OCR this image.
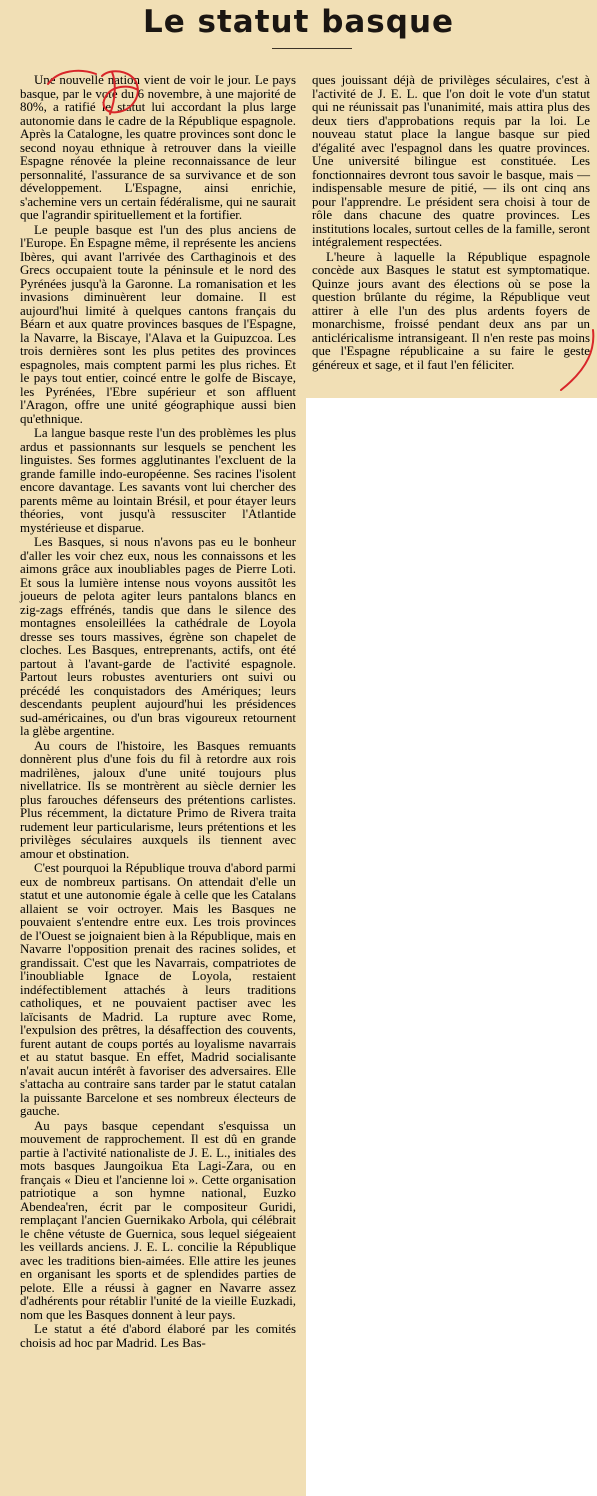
Le statut basque

Une nouvelle nation vient de voir le jour. Le pays basque, par le vote du 6 novembre, à une majorité de 80%, a ratifié le statut lui accordant la plus large autonomie dans le cadre de la République espagnole. Après la Catalogne, les quatre provinces sont donc le second noyau ethnique à retrouver dans la vieille Espagne rénovée la pleine reconnaissance de leur personnalité, l'assurance de sa survivance et de son développement. L'Espagne, ainsi enrichie, s'achemine vers un certain fédéralisme, qui ne saurait que l'agrandir spirituellement et la fortifier.

Le peuple basque est l'un des plus anciens de l'Europe. En Espagne même, il représente les anciens Ibères, qui avant l'arrivée des Carthaginois et des Grecs occupaient toute la péninsule et le nord des Pyrénées jusqu'à la Garonne. La romanisation et les invasions diminuèrent leur domaine. Il est aujourd'hui limité à quelques cantons français du Béarn et aux quatre provinces basques de l'Espagne, la Navarre, la Biscaye, l'Alava et la Guipuzcoa. Les trois dernières sont les plus petites des provinces espagnoles, mais comptent parmi les plus riches. Et le pays tout entier, coincé entre le golfe de Biscaye, les Pyrénées, l'Ebre supérieur et son affluent l'Aragon, offre une unité géographique aussi bien qu'ethnique.

La langue basque reste l'un des problèmes les plus ardus et passionnants sur lesquels se penchent les linguistes. Ses formes agglutinantes l'excluent de la grande famille indo-européenne. Ses racines l'isolent encore davantage. Les savants vont lui chercher des parents même au lointain Brésil, et pour étayer leurs théories, vont jusqu'à ressusciter l'Atlantide mystérieuse et disparue.

Les Basques, si nous n'avons pas eu le bonheur d'aller les voir chez eux, nous les connaissons et les aimons grâce aux inoubliables pages de Pierre Loti. Et sous la lumière intense nous voyons aussitôt les joueurs de pelota agiter leurs pantalons blancs en zig-zags effrénés, tandis que dans le silence des montagnes ensoleillées la cathédrale de Loyola dresse ses tours massives, égrène son chapelet de cloches. Les Basques, entreprenants, actifs, ont été partout à l'avant-garde de l'activité espagnole. Partout leurs robustes aventuriers ont suivi ou précédé les conquistadors des Amériques; leurs descendants peuplent aujourd'hui les présidences sud-américaines, ou d'un bras vigoureux retournent la glèbe argentine.

Au cours de l'histoire, les Basques remuants donnèrent plus d'une fois du fil à retordre aux rois madrilènes, jaloux d'une unité toujours plus nivellatrice. Ils se montrèrent au siècle dernier les plus farouches défenseurs des prétentions carlistes. Plus récemment, la dictature Primo de Rivera traita rudement leur particularisme, leurs prétentions et les privilèges séculaires auxquels ils tiennent avec amour et obstination.

C'est pourquoi la République trouva d'abord parmi eux de nombreux partisans. On attendait d'elle un statut et une autonomie égale à celle que les Catalans allaient se voir octroyer. Mais les Basques ne pouvaient s'entendre entre eux. Les trois provinces de l'Ouest se joignaient bien à la République, mais en Navarre l'opposition prenait des racines solides, et grandissait. C'est que les Navarrais, compatriotes de l'inoubliable Ignace de Loyola, restaient indéfectiblement attachés à leurs traditions catholiques, et ne pouvaient pactiser avec les laïcisants de Madrid. La rupture avec Rome, l'expulsion des prêtres, la désaffection des couvents, furent autant de coups portés au loyalisme navarrais et au statut basque. En effet, Madrid socialisante n'avait aucun intérêt à favoriser des adversaires. Elle s'attacha au contraire sans tarder par le statut catalan la puissante Barcelone et ses nombreux électeurs de gauche.

Au pays basque cependant s'esquissa un mouvement de rapprochement. Il est dû en grande partie à l'activité nationaliste de J. E. L., initiales des mots basques Jaungoikua Eta Lagi-Zara, ou en français « Dieu et l'ancienne loi ». Cette organisation patriotique a son hymne national, Euzko Abendea'ren, écrit par le compositeur Guridi, remplaçant l'ancien Guernikako Arbola, qui célébrait le chêne vétuste de Guernica, sous lequel siégeaient les veillards anciens. J. E. L. concilie la République avec les traditions bien-aimées. Elle attire les jeunes en organisant les sports et de splendides parties de pelote. Elle a réussi à gagner en Navarre assez d'adhérents pour rétablir l'unité de la vieille Euzkadi, nom que les Basques donnent à leur pays.

Le statut a été d'abord élaboré par les comités choisis ad hoc par Madrid. Les Bas-

ques jouissant déjà de privilèges séculaires, c'est à l'activité de J. E. L. que l'on doit le vote d'un statut qui ne réunissait pas l'unanimité, mais attira plus des deux tiers d'approbations requis par la loi. Le nouveau statut place la langue basque sur pied d'égalité avec l'espagnol dans les quatre provinces. Une université bilingue est constituée. Les fonctionnaires devront tous savoir le basque, mais — indispensable mesure de pitié, — ils ont cinq ans pour l'apprendre. Le président sera choisi à tour de rôle dans chacune des quatre provinces. Les institutions locales, surtout celles de la famille, seront intégralement respectées.

L'heure à laquelle la République espagnole concède aux Basques le statut est symptomatique. Quinze jours avant des élections où se pose la question brûlante du régime, la République veut attirer à elle l'un des plus ardents foyers de monarchisme, froissé pendant deux ans par un anticléricalisme intransigeant. Il n'en reste pas moins que l'Espagne républicaine a su faire le geste généreux et sage, et il faut l'en féliciter.
